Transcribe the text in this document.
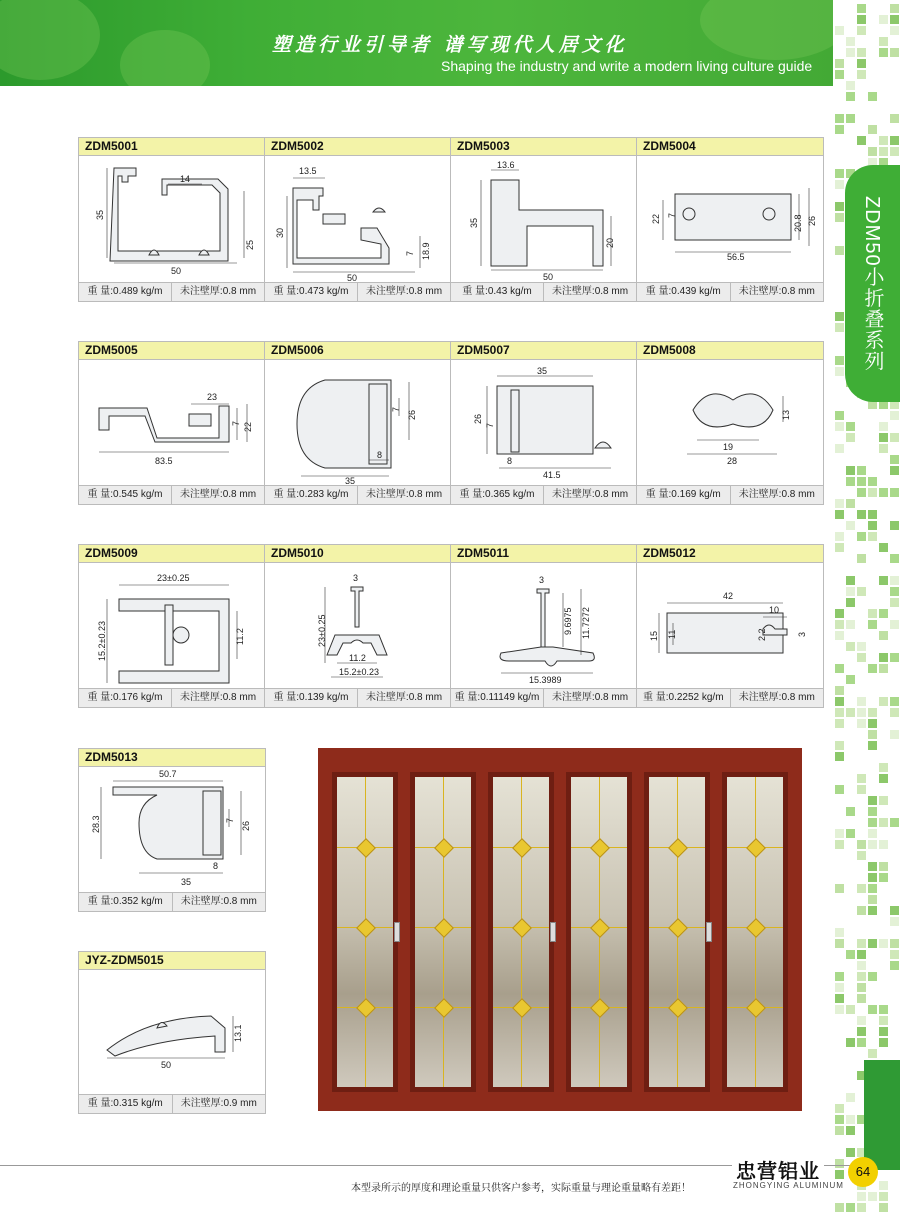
塑造行业引导者 谱写现代人居文化
Shaping the industry and write a modern living culture guide
ZDM50小折叠系列
ZDM5001
14
35
25
50
重 量:0.489 kg/m	未注壁厚:0.8 mm
ZDM5002
13.5
30
7 18.9
50
重 量:0.473 kg/m	未注壁厚:0.8 mm
ZDM5003
13.6
35
20
50
重 量:0.43 kg/m	未注壁厚:0.8 mm
ZDM5004
56.5
22 7	20.8 26
重 量:0.439 kg/m	未注壁厚:0.8 mm
ZDM5005
23
7 22
83.5
重 量:0.545 kg/m	未注壁厚:0.8 mm
ZDM5006
35
8
7
26
重 量:0.283 kg/m	未注壁厚:0.8 mm
ZDM5007
35
26
7
8
41.5
重 量:0.365 kg/m	未注壁厚:0.8 mm
ZDM5008
19
28
13
重 量:0.169 kg/m	未注壁厚:0.8 mm
ZDM5009
23±0.25
15.2±0.23	11.2
重 量:0.176 kg/m	未注壁厚:0.8 mm
ZDM5010
3
23±0.25
11.2
15.2±0.23
重 量:0.139 kg/m	未注壁厚:0.8 mm
ZDM5011
3
9.6975 11.7272
15.3989
重 量:0.11149 kg/m	未注壁厚:0.8 mm
ZDM5012
42
10
15 11	2.2	3
重 量:0.2252 kg/m	未注壁厚:0.8 mm
ZDM5013
50.7
28.3	7
26
8
35
重 量:0.352 kg/m	未注壁厚:0.8 mm
JYZ-ZDM5015
50
13.1
重 量:0.315 kg/m	未注壁厚:0.9 mm
忠营铝业
ZHONGYING ALUMINUM
64
本型录所示的厚度和理论重量只供客户参考，实际重量与理论重量略有差距！
